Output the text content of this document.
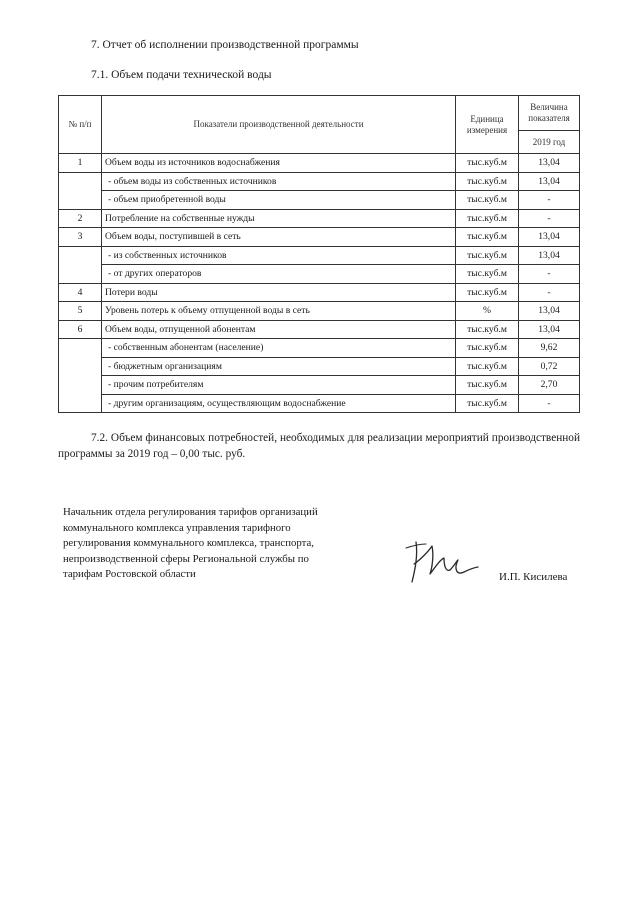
7. Отчет об исполнении производственной программы
7.1. Объем подачи технической воды
№ п/п	Показатели производственной деятельности	Единица измерения	Величина показателя
			2019 год
1	Объем воды из источников водоснабжения	тыс.куб.м	13,04
	- объем воды из собственных источников	тыс.куб.м	13,04
	- объем приобретенной воды	тыс.куб.м	-
2	Потребление на собственные нужды	тыс.куб.м	-
3	Объем воды, поступившей в сеть	тыс.куб.м	13,04
	- из собственных источников	тыс.куб.м	13,04
	- от других операторов	тыс.куб.м	-
4	Потери воды	тыс.куб.м	-
5	Уровень потерь к объему отпущенной воды в сеть	%	13,04
6	Объем воды, отпущенной абонентам	тыс.куб.м	13,04
	- собственным абонентам (население)	тыс.куб.м	9,62
	- бюджетным организациям	тыс.куб.м	0,72
	- прочим потребителям	тыс.куб.м	2,70
	- другим организациям, осуществляющим водоснабжение	тыс.куб.м	-
7.2. Объем финансовых потребностей, необходимых для реализации мероприятий производственной программы за 2019 год – 0,00 тыс. руб.
Начальник отдела регулирования тарифов организаций
коммунального комплекса управления тарифного
регулирования коммунального комплекса, транспорта,
непроизводственной сферы Региональной службы по
тарифам Ростовской области	И.П. Кисилева
